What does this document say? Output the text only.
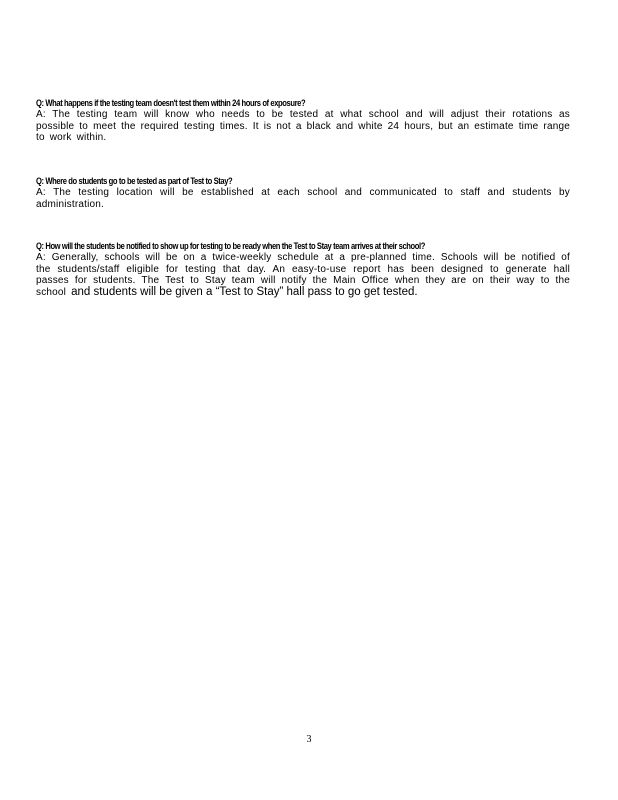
Q: What happens if the testing team doesn't test them within 24 hours of exposure?

A: The testing team will know who needs to be tested at what school and will adjust their rotations as possible to meet the required testing times. It is not a black and white 24 hours, but an estimate time range to work within.

Q: Where do students go to be tested as part of Test to Stay?

A: The testing location will be established at each school and communicated to staff and students by administration.

Q: How will the students be notified to show up for testing to be ready when the Test to Stay team arrives at their school?

A: Generally, schools will be on a twice-weekly schedule at a pre-planned time. Schools will be notified of the students/staff eligible for testing that day. An easy-to-use report has been designed to generate hall passes for students. The Test to Stay team will notify the Main Office when they are on their way to the school and students will be given a “Test to Stay” hall pass to go get tested.

3
